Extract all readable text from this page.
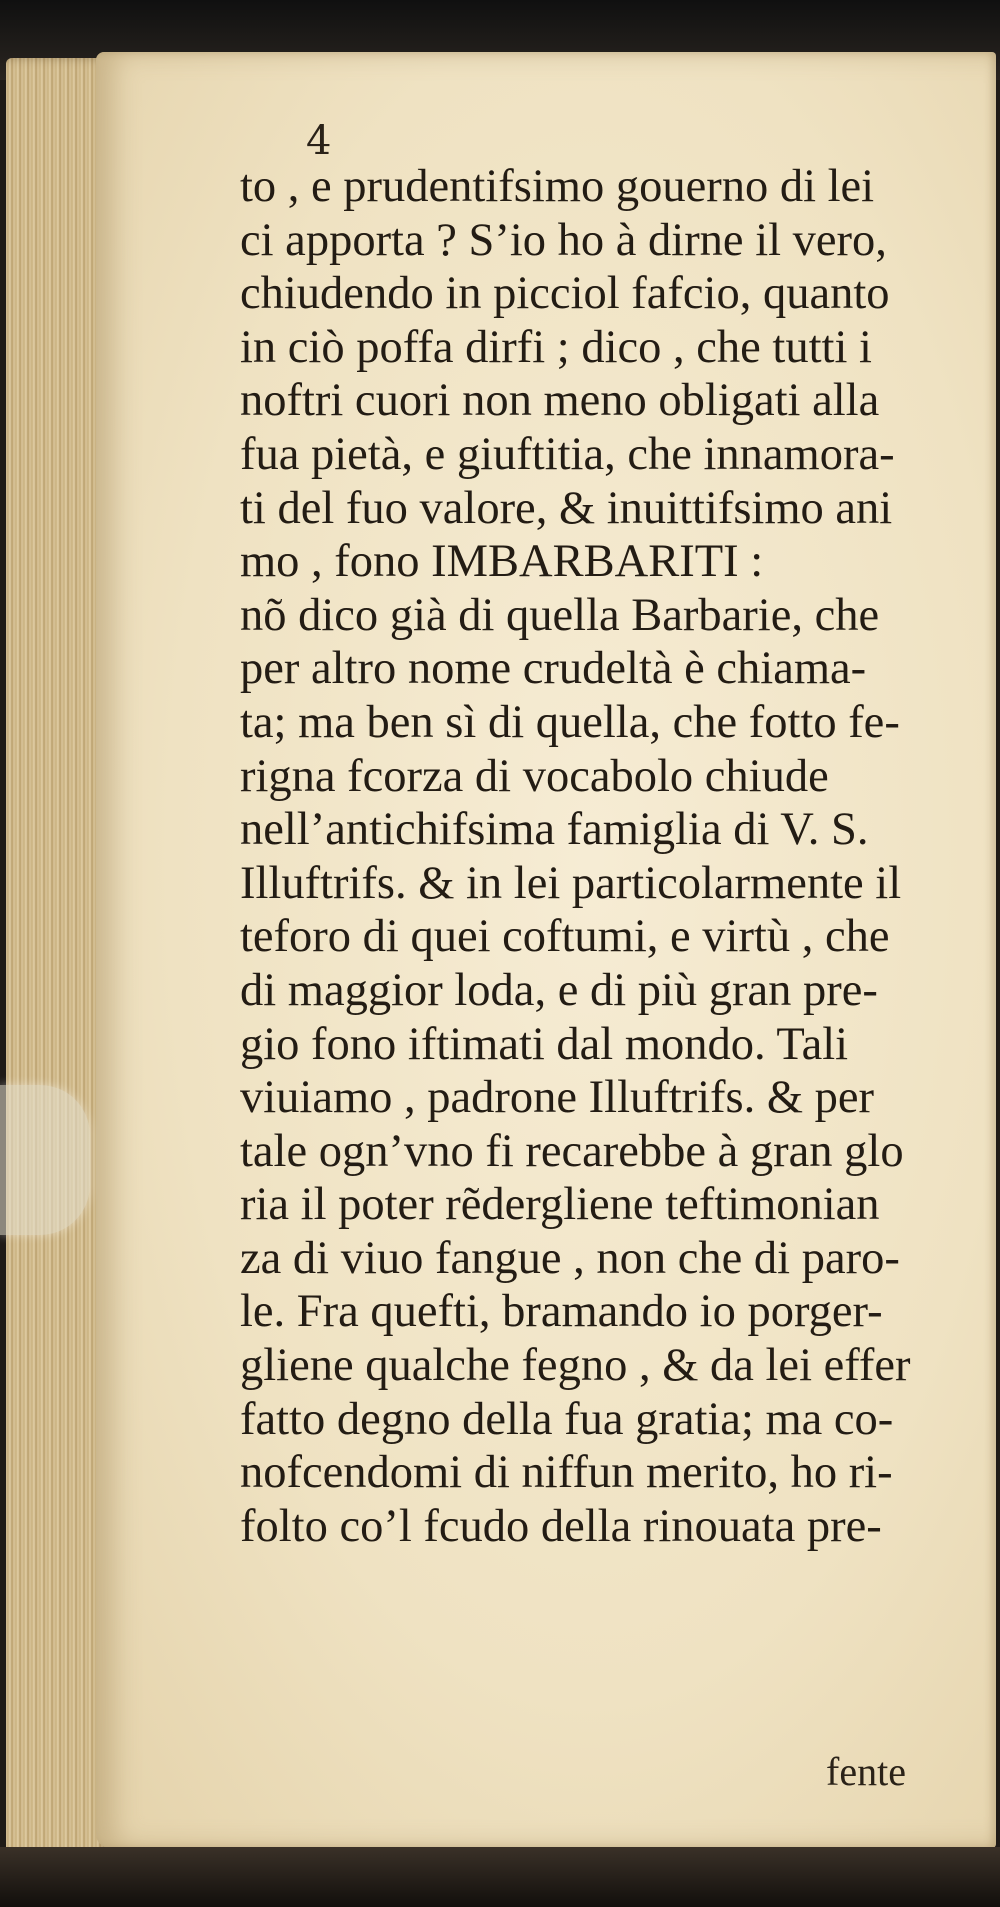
4
to , e prudentifsimo gouerno di lei
ci apporta ? S’io ho à dirne il vero,
chiudendo in picciol fafcio, quanto
in ciò poffa dirfi ; dico , che tutti i
noftri cuori non meno obligati alla
fua pietà, e giuftitia, che innamora-
ti del fuo valore, & inuittifsimo ani
mo , fono IMBARBARITI :
nõ dico già di quella Barbarie, che
per altro nome crudeltà è chiama-
ta; ma ben sì di quella, che fotto fe-
rigna fcorza di vocabolo chiude
nell’antichifsima famiglia di V. S.
Illuftrifs. & in lei particolarmente il
teforo di quei coftumi, e virtù , che
di maggior loda, e di più gran pre-
gio fono iftimati dal mondo. Tali
viuiamo , padrone Illuftrifs. & per
tale ogn’vno fi recarebbe à gran glo
ria il poter rẽdergliene teftimonian
za di viuo fangue , non che di paro-
le. Fra quefti, bramando io porger-
gliene qualche fegno , & da lei effer
fatto degno della fua gratia; ma co-
nofcendomi di niffun merito, ho ri-
folto co’l fcudo della rinouata pre-
fente
